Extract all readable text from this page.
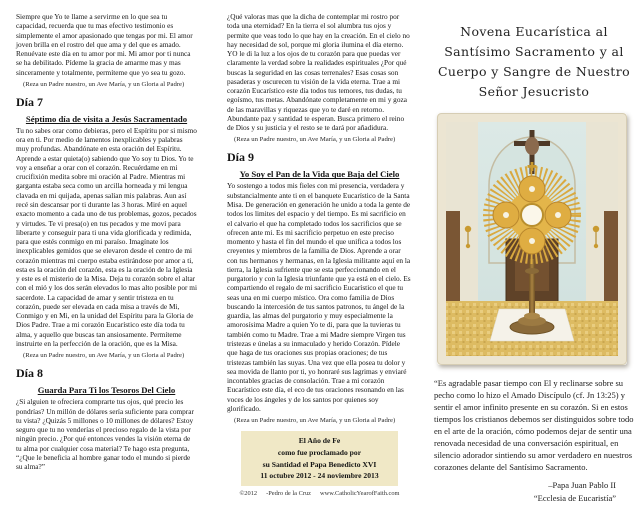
Siempre que Yo te llame a servirme en lo que sea tu capacidad, recuerda que tu mas efectivo testimonio es simplemente el amor apasionado que tengas por mi. El amor joven brilla en el rostro del que ama y del que es amado. Renuévate este día en tu amor por mi. Mi amor por ti nunca se ha debilitado. Pídeme la gracia de amarme mas y mas sinceramente y totalmente, permíteme que yo sea tu gozo.

(Reza un Padre nuestro, un Ave María, y un Gloria al Padre)

Día 7
Séptimo día de visita a Jesús Sacramentado

Tu no sabes orar como debieras, pero el Espíritu por si mismo ora en ti. Por medio de lamentos inexplicables y palabras muy profundas. Abandónate en esta oración del Espíritu. Aprende a estar quieta(o) sabiendo que Yo soy tu Dios. Yo te voy a enseñar a orar con el corazón. Recuérdame en mi crucifixión medita sobre mi oración al Padre. Mientras mi garganta estaba seca como un arcilla horneada y mi lengua clavada en mi quijada, apenas salían mis palabras. Aun así recé sin descansar por ti durante las 3 horas. Miré en aquel exacto momento a cada uno de tus problemas, gozos, pecados y virtudes. Te vi presa(o) en tus pecados y me moví para liberarte y conseguir para ti una vida glorificada y redimida, para que estés conmigo en mi paraíso. Imagínate los inexplicables gemidos que se elevaron desde el centro de mi corazón mientras mi cuerpo estaba estirándose por amor a ti, esta es la oración del corazón, esta es la oración de la Iglesia y este es el misterio de la Misa. Deja tu corazón sobre el altar con el mió y los dos serán elevados lo mas alto posible por mi sacerdote. La capacidad de amar y sentir tristeza en tu corazón, puede ser elevada en cada misa a través de Mi, Conmigo y en Mi, en la unidad del Espíritu para la Gloria de Dios Padre. Trae a mi corazón Eucarístico este día toda tu alma, y aquello que buscas tan ansiosamente. Permíteme instruirte en la perfección de la oración, que es la Misa.

(Reza un Padre nuestro, un Ave María, y un Gloria al Padre)

Día 8
Guarda Para Ti los Tesoros Del Cielo

¿Si alguien te ofreciera comprarte tus ojos, qué precio les pondrías? Un millón de dólares sería suficiente para comprar tu vista? ¿Quizás 5 millones o 10 millones de dólares? Estoy seguro que tu no venderías el precioso regalo de la vista por ningún precio. ¿Por qué entonces vendes la visión eterna de tu alma por cualquier cosa material? Te hago esta pregunta, “¿Que le beneficia al hombre ganar todo el mundo si pierde su alma?”

¿Qué valoras mas que la dicha de contemplar mi rostro por toda una eternidad? En la tierra el sol alumbra tus ojos y permite que veas todo lo que hay en la creación. En el cielo no hay necesidad de sol, porque mi gloria ilumina el día eterno. YO le di la luz a los ojos de tu corazón para que puedas ver claramente la verdad sobre la realidades espirituales ¿Por qué buscas la seguridad en las cosas terrenales? Esas cosas son pasaderas y oscurecen tu visión de la vida eterna. Trae a mi corazón Eucarístico este día todos tus temores, tus dudas, tu egoísmo, tus metas. Abandónate completamente en mi y goza de las maravillas y riquezas que yo te daré en retorno. Abundante paz y santidad te esperan. Busca primero el reino de Dios y su justicia y el resto se te dará por añadidura.

(Reza un Padre nuestro, un Ave María, y un Gloria al Padre)

Día 9
Yo Soy el Pan de la Vida que Baja del Cielo

Yo sostengo a todos mis fieles con mi presencia, verdadera y substancialmente ante ti en el banquete Eucarístico de la Santa Misa. De generación en generación he unido a toda la gente de todos los limites del espacio y del tiempo. Es mi sacrificio en el calvario el que ha completado todos los sacrificios que se ofrecen ante mi. Es mi sacrificio perpetuo en este preciso momento y hasta el fin del mundo el que unifica a todos los creyentes y miembros de la familia de Dios. Aprende a orar con tus hermanos y hermanas, en la Iglesia militante aquí en la tierra, la Iglesia sufriente que se esta perfeccionando en el purgatorio y con la Iglesia triunfante que ya está en el cielo. Es compartiendo el regalo de mi sacrificio Eucarístico el que tu seas una en mi cuerpo místico. Ora como familia de Dios buscando la intercesión de tus santos patronos, tu ángel de la guardia, las almas del purgatorio y muy especialmente la amorosísima Madre a quien Yo te di, para que la tuvieras tu también como tu Madre. Trae a mi Madre siempre Virgen tus tristezas e únelas a su inmaculado y herido Corazón. Pídele que haga de tus oraciones sus propias oraciones; de tus tristezas también las suyas. Una vez que ella posea tu dolor y sea movida de llanto por ti, yo honraré sus lagrimas y enviaré incontables gracias de consolación. Trae a mi corazón Eucarístico este día, el eco de tus oraciones resonando en las voces de los ángeles y de los santos por quienes soy glorificado.

(Reza un Padre nuestro, un Ave María, y un Gloria al Padre)

El Año de Fe
como fue proclamado por
su Santidad el Papa Benedicto XVI
11 octubre 2012 - 24 noviembre 2013
©2012 -Pedro de la Cruz www.CatholicYearofFaith.com
Novena Eucarística al Santísimo Sacramento y al Cuerpo y Sangre de Nuestro Señor Jesucristo

“Es agradable pasar tiempo con El y reclinarse sobre su pecho como lo hizo el Amado Discípulo (cf. Jn 13:25) y sentir el amor infinito presente en su corazón. Si en estos tiempos los cristianos debemos ser distinguidos sobre todo en el arte de la oración, cómo podemos dejar de sentir una renovada necesidad de una conversación espiritual, en silencio adorador sintiendo su amor verdadero en nuestros corazones delante del Santísimo Sacramento.

–Papa Juan Pablo II
“Ecclesia de Eucaristía”
